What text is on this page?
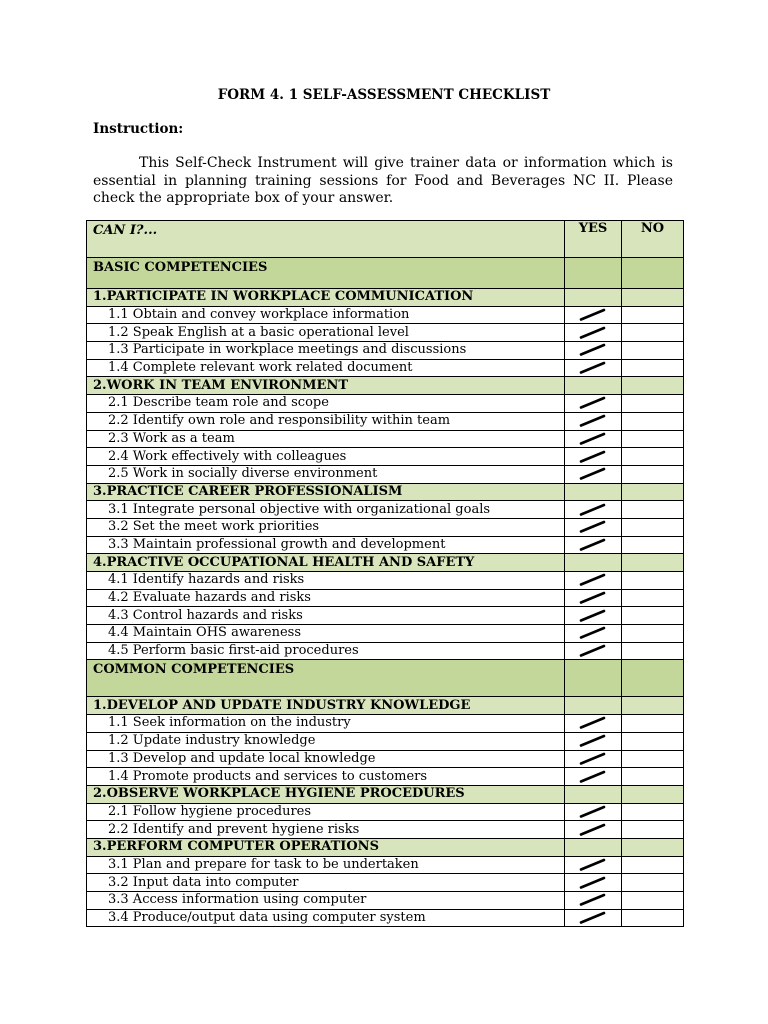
FORM 4. 1 SELF-ASSESSMENT CHECKLIST
Instruction:
This Self-Check Instrument will give trainer data or information which is essential in planning training sessions for Food and Beverages NC II. Please check the appropriate box of your answer.
CAN I?...	YES	NO
BASIC COMPETENCIES		
1.PARTICIPATE IN WORKPLACE COMMUNICATION		
1.1 Obtain and convey workplace information		
1.2 Speak English at a basic operational level		
1.3 Participate in workplace meetings and discussions		
1.4 Complete relevant work related document		
2.WORK IN TEAM ENVIRONMENT		
2.1 Describe team role and scope		
2.2 Identify own role and responsibility within team		
2.3 Work as a team		
2.4 Work effectively with colleagues		
2.5 Work in socially diverse environment		
3.PRACTICE CAREER PROFESSIONALISM		
3.1 Integrate personal objective with organizational goals		
3.2 Set the meet work priorities		
3.3 Maintain professional growth and development		
4.PRACTIVE OCCUPATIONAL HEALTH AND SAFETY		
4.1 Identify hazards and risks		
4.2 Evaluate hazards and risks		
4.3 Control hazards and risks		
4.4 Maintain OHS awareness		
4.5 Perform basic first-aid procedures		
COMMON COMPETENCIES		
1.DEVELOP AND UPDATE INDUSTRY KNOWLEDGE		
1.1 Seek information on the industry		
1.2 Update industry knowledge		
1.3 Develop and update local knowledge		
1.4 Promote products and services to customers		
2.OBSERVE WORKPLACE HYGIENE PROCEDURES		
2.1 Follow hygiene procedures		
2.2 Identify and prevent hygiene risks		
3.PERFORM COMPUTER OPERATIONS		
3.1 Plan and prepare for task to be undertaken		
3.2 Input data into computer		
3.3 Access information using computer		
3.4 Produce/output data using computer system		
